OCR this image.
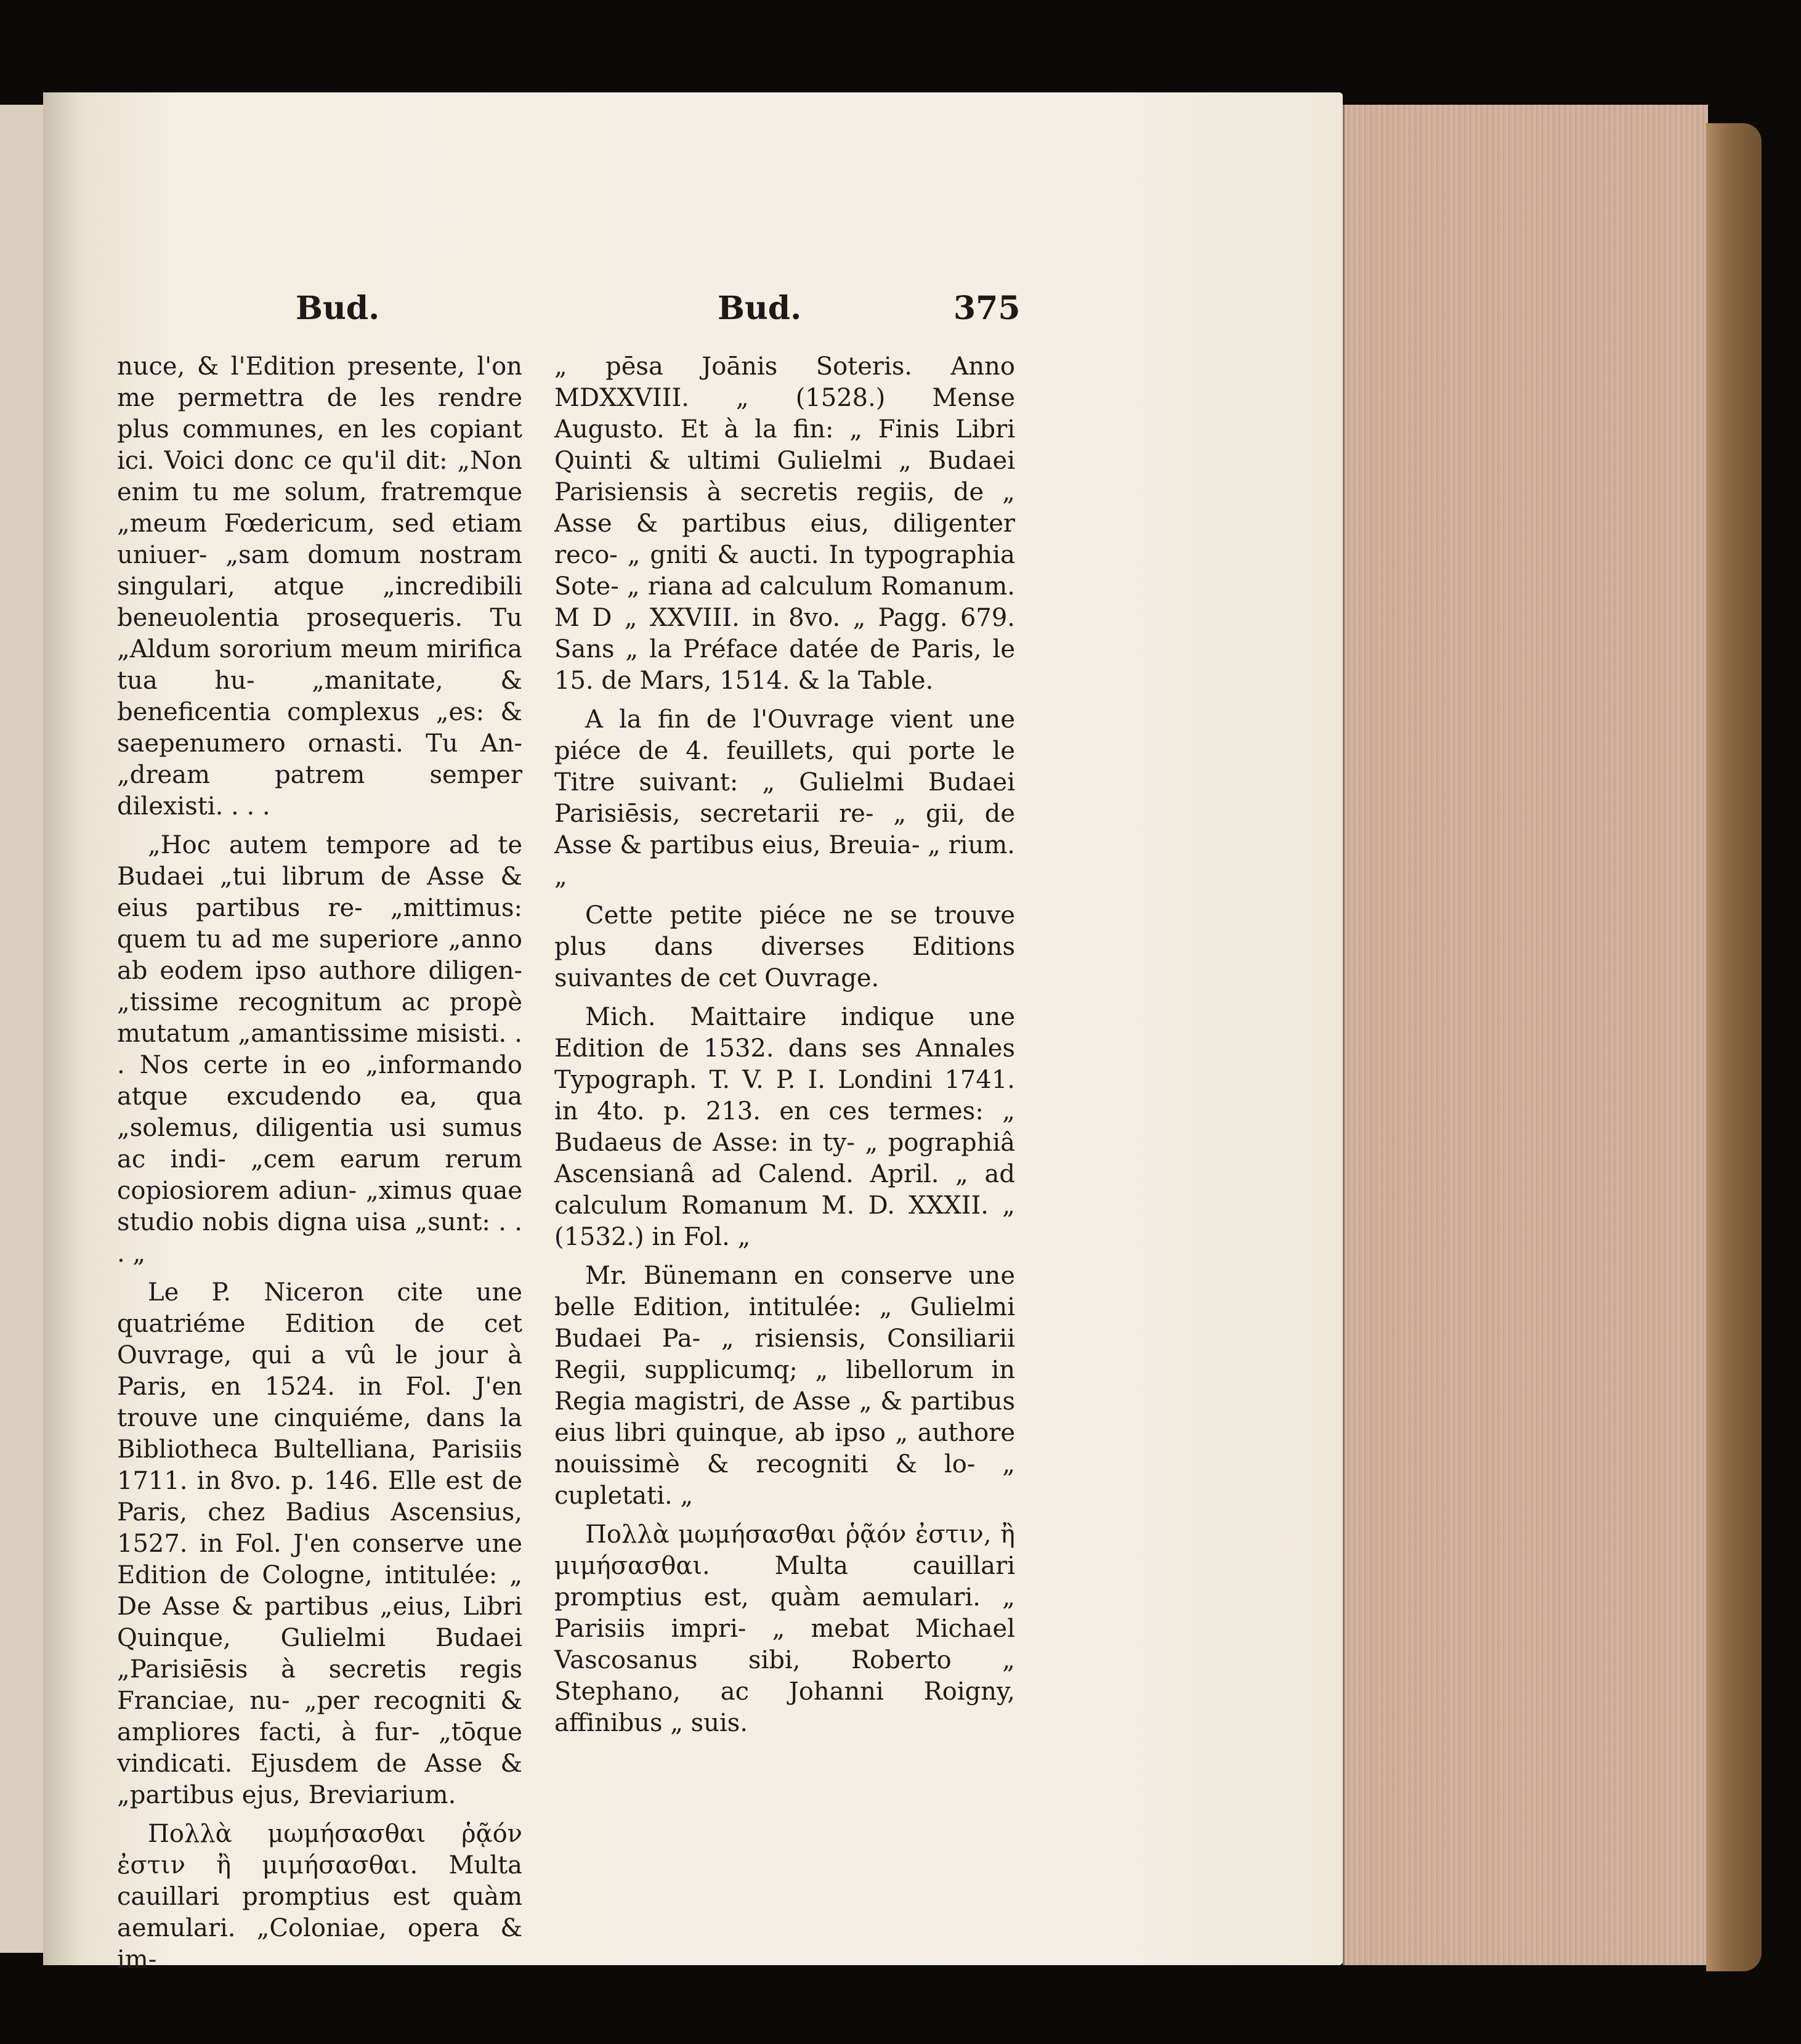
Bud.	Bud.	375

nuce, & l'Edition presente, l'on me permettra de les rendre plus communes, en les copiant ici. Voici donc ce qu'il dit: „Non enim tu me solum, fratremque „meum Fœdericum, sed etiam uniuer- „sam domum nostram singulari, atque „incredibili beneuolentia prosequeris. Tu „Aldum sororium meum mirifica tua hu- „manitate, & beneficentia complexus „es: & saepenumero ornasti. Tu An- „dream patrem semper dilexisti. . . .

„Hoc autem tempore ad te Budaei „tui librum de Asse & eius partibus re- „mittimus: quem tu ad me superiore „anno ab eodem ipso authore diligen- „tissime recognitum ac propè mutatum „amantissime misisti. . . Nos certe in eo „informando atque excudendo ea, qua „solemus, diligentia usi sumus ac indi- „cem earum rerum copiosiorem adiun- „ximus quae studio nobis digna uisa „sunt: . . . „

Le P. Niceron cite une quatriéme Edition de cet Ouvrage, qui a vû le jour à Paris, en 1524. in Fol. J'en trouve une cinquiéme, dans la Bibliotheca Bultelliana, Parisiis 1711. in 8vo. p. 146. Elle est de Paris, chez Badius Ascensius, 1527. in Fol. J'en conserve une Edition de Cologne, intitulée: „ De Asse & partibus „eius, Libri Quinque, Gulielmi Budaei „Parisiēsis à secretis regis Franciae, nu- „per recogniti & ampliores facti, à fur- „tōque vindicati. Ejusdem de Asse & „partibus ejus, Breviarium.

Πολλὰ μωμήσασθαι ῥᾷόν ἐστιν ἢ μιμήσασθαι. Multa cauillari promptius est quàm aemulari. „Coloniae, opera & im-

„ pēsa Joānis Soteris. Anno MDXXVIII. „ (1528.) Mense Augusto. Et à la fin: „ Finis Libri Quinti & ultimi Gulielmi „ Budaei Parisiensis à secretis regiis, de „ Asse & partibus eius, diligenter reco- „ gniti & aucti. In typographia Sote- „ riana ad calculum Romanum. M D „ XXVIII. in 8vo. „ Pagg. 679. Sans „ la Préface datée de Paris, le 15. de Mars, 1514. & la Table.

A la fin de l'Ouvrage vient une piéce de 4. feuillets, qui porte le Titre suivant: „ Gulielmi Budaei Parisiēsis, secretarii re- „ gii, de Asse & partibus eius, Breuia- „ rium. „

Cette petite piéce ne se trouve plus dans diverses Editions suivantes de cet Ouvrage.

Mich. Maittaire indique une Edition de 1532. dans ses Annales Typograph. T. V. P. I. Londini 1741. in 4to. p. 213. en ces termes: „ Budaeus de Asse: in ty- „ pographiâ Ascensianâ ad Calend. April. „ ad calculum Romanum M. D. XXXII. „ (1532.) in Fol. „

Mr. Bünemann en conserve une belle Edition, intitulée: „ Gulielmi Budaei Pa- „ risiensis, Consiliarii Regii, supplicumq; „ libellorum in Regia magistri, de Asse „ & partibus eius libri quinque, ab ipso „ authore nouissimè & recogniti & lo- „ cupletati. „

Πολλὰ μωμήσασθαι ῥᾷόν ἐστιν, ἢ μιμήσασθαι. Multa cauillari promptius est, quàm aemulari. „ Parisiis impri- „ mebat Michael Vascosanus sibi, Roberto „ Stephano, ac Johanni Roigny, affinibus „ suis.
